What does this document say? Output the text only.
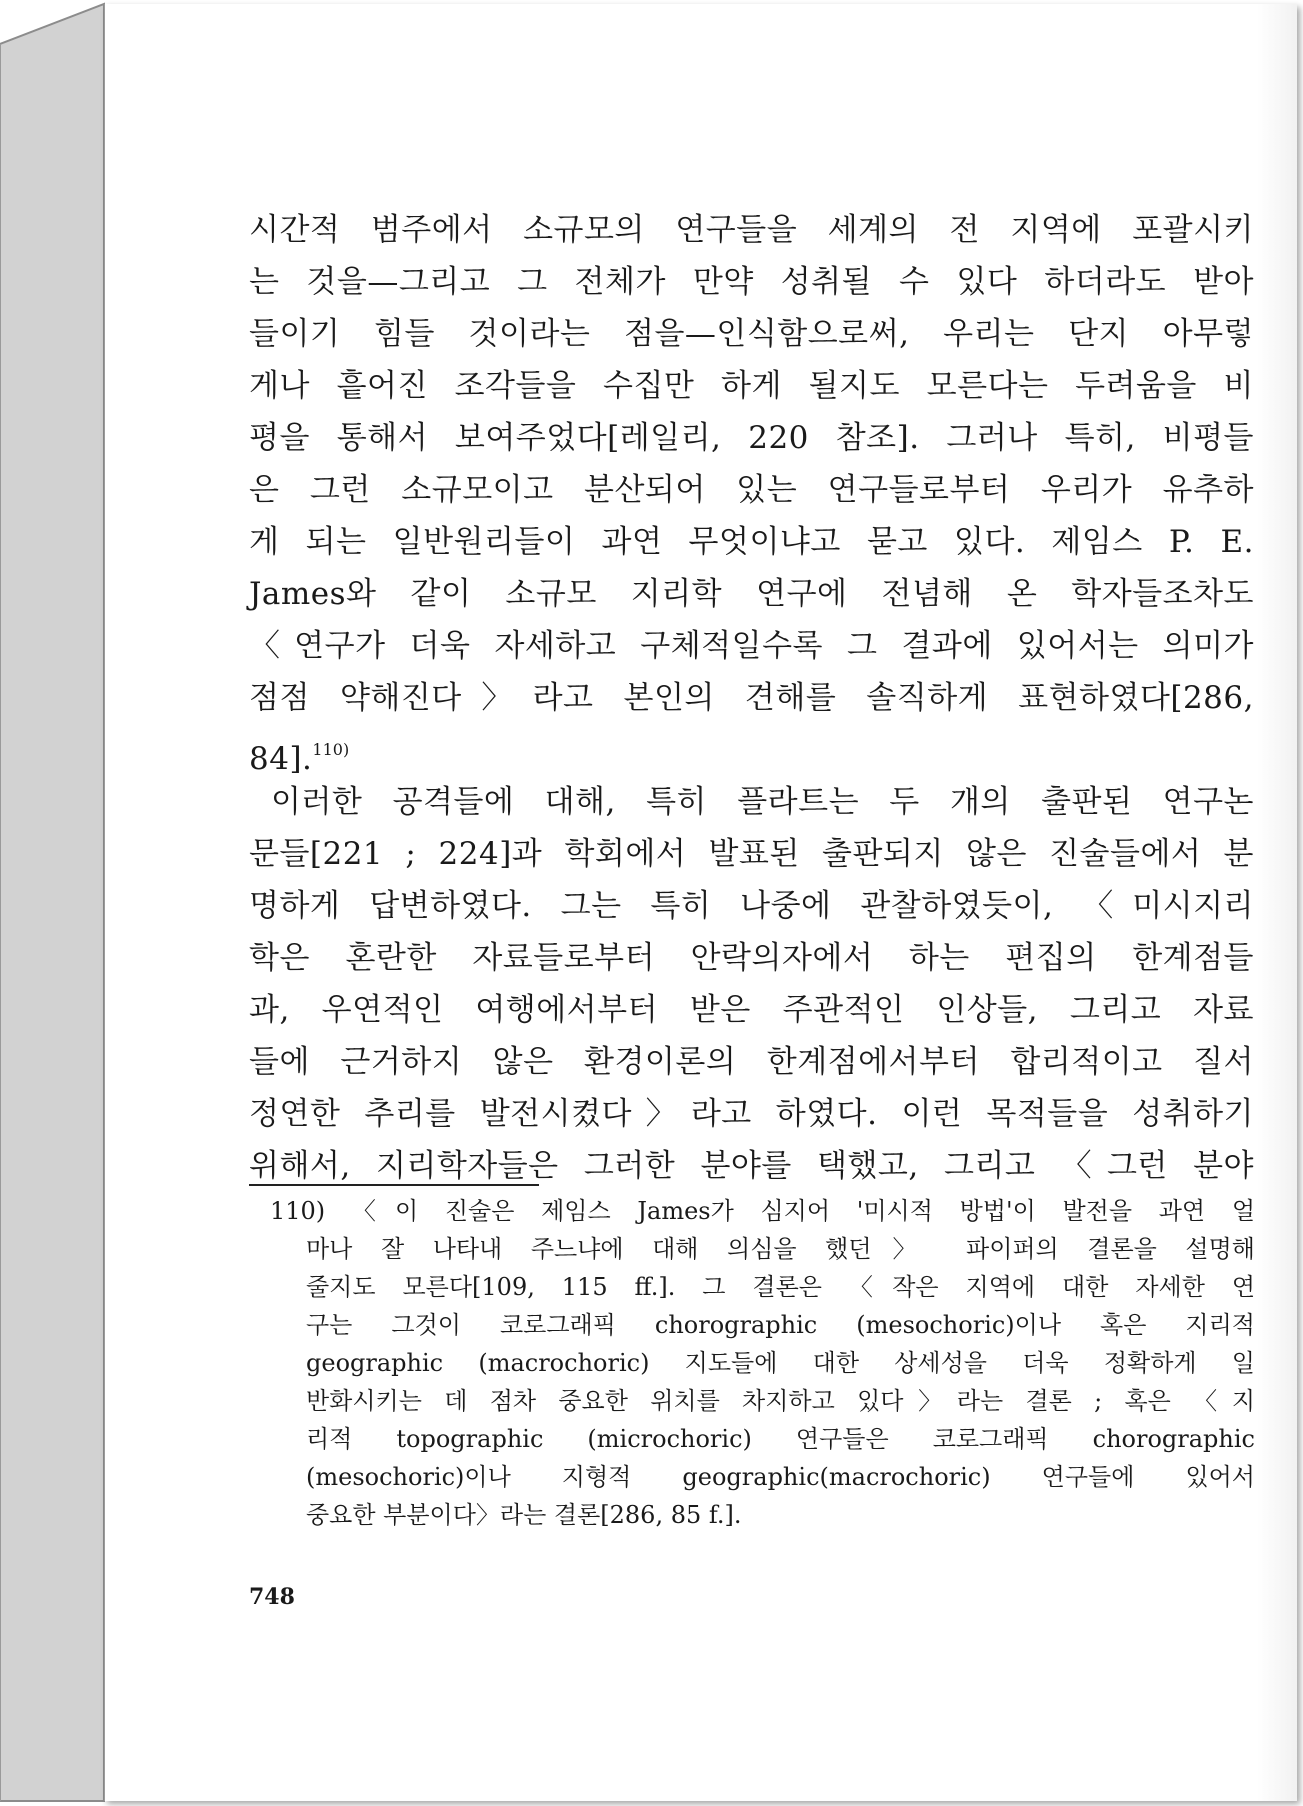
시간적 범주에서 소규모의 연구들을 세계의 전 지역에 포괄시키
는 것을—그리고 그 전체가 만약 성취될 수 있다 하더라도 받아
들이기 힘들 것이라는 점을—인식함으로써, 우리는 단지 아무렇
게나 흩어진 조각들을 수집만 하게 될지도 모른다는 두려움을 비
평을 통해서 보여주었다[레일리, 220 참조]. 그러나 특히, 비평들
은 그런 소규모이고 분산되어 있는 연구들로부터 우리가 유추하
게 되는 일반원리들이 과연 무엇이냐고 묻고 있다. 제임스 P. E.
James와 같이 소규모 지리학 연구에 전념해 온 학자들조차도
〈연구가 더욱 자세하고 구체적일수록 그 결과에 있어서는 의미가
점점 약해진다〉라고 본인의 견해를 솔직하게 표현하였다[286,
84].$^{110)}$
이러한 공격들에 대해, 특히 플라트는 두 개의 출판된 연구논
문들[221 ; 224]과 학회에서 발표된 출판되지 않은 진술들에서 분
명하게 답변하였다. 그는 특히 나중에 관찰하였듯이, 〈미시지리
학은 혼란한 자료들로부터 안락의자에서 하는 편집의 한계점들
과, 우연적인 여행에서부터 받은 주관적인 인상들, 그리고 자료
들에 근거하지 않은 환경이론의 한계점에서부터 합리적이고 질서
정연한 추리를 발전시켰다〉라고 하였다. 이런 목적들을 성취하기
위해서, 지리학자들은 그러한 분야를 택했고, 그리고 〈그런 분야
110) 〈이 진술은 제임스 James가 심지어 '미시적 방법'이 발전을 과연 얼
마나 잘 나타내 주느냐에 대해 의심을 했던〉 파이퍼의 결론을 설명해
줄지도 모른다[109, 115 ff.]. 그 결론은 〈작은 지역에 대한 자세한 연
구는 그것이 코로그래픽 chorographic (mesochoric)이나 혹은 지리적
geographic (macrochoric) 지도들에 대한 상세성을 더욱 정확하게 일
반화시키는 데 점차 중요한 위치를 차지하고 있다〉라는 결론 ; 혹은 〈지
리적 topographic (microchoric) 연구들은 코로그래픽 chorographic
(mesochoric)이나 지형적 geographic(macrochoric) 연구들에 있어서
중요한 부분이다〉라는 결론[286, 85 f.].
748
